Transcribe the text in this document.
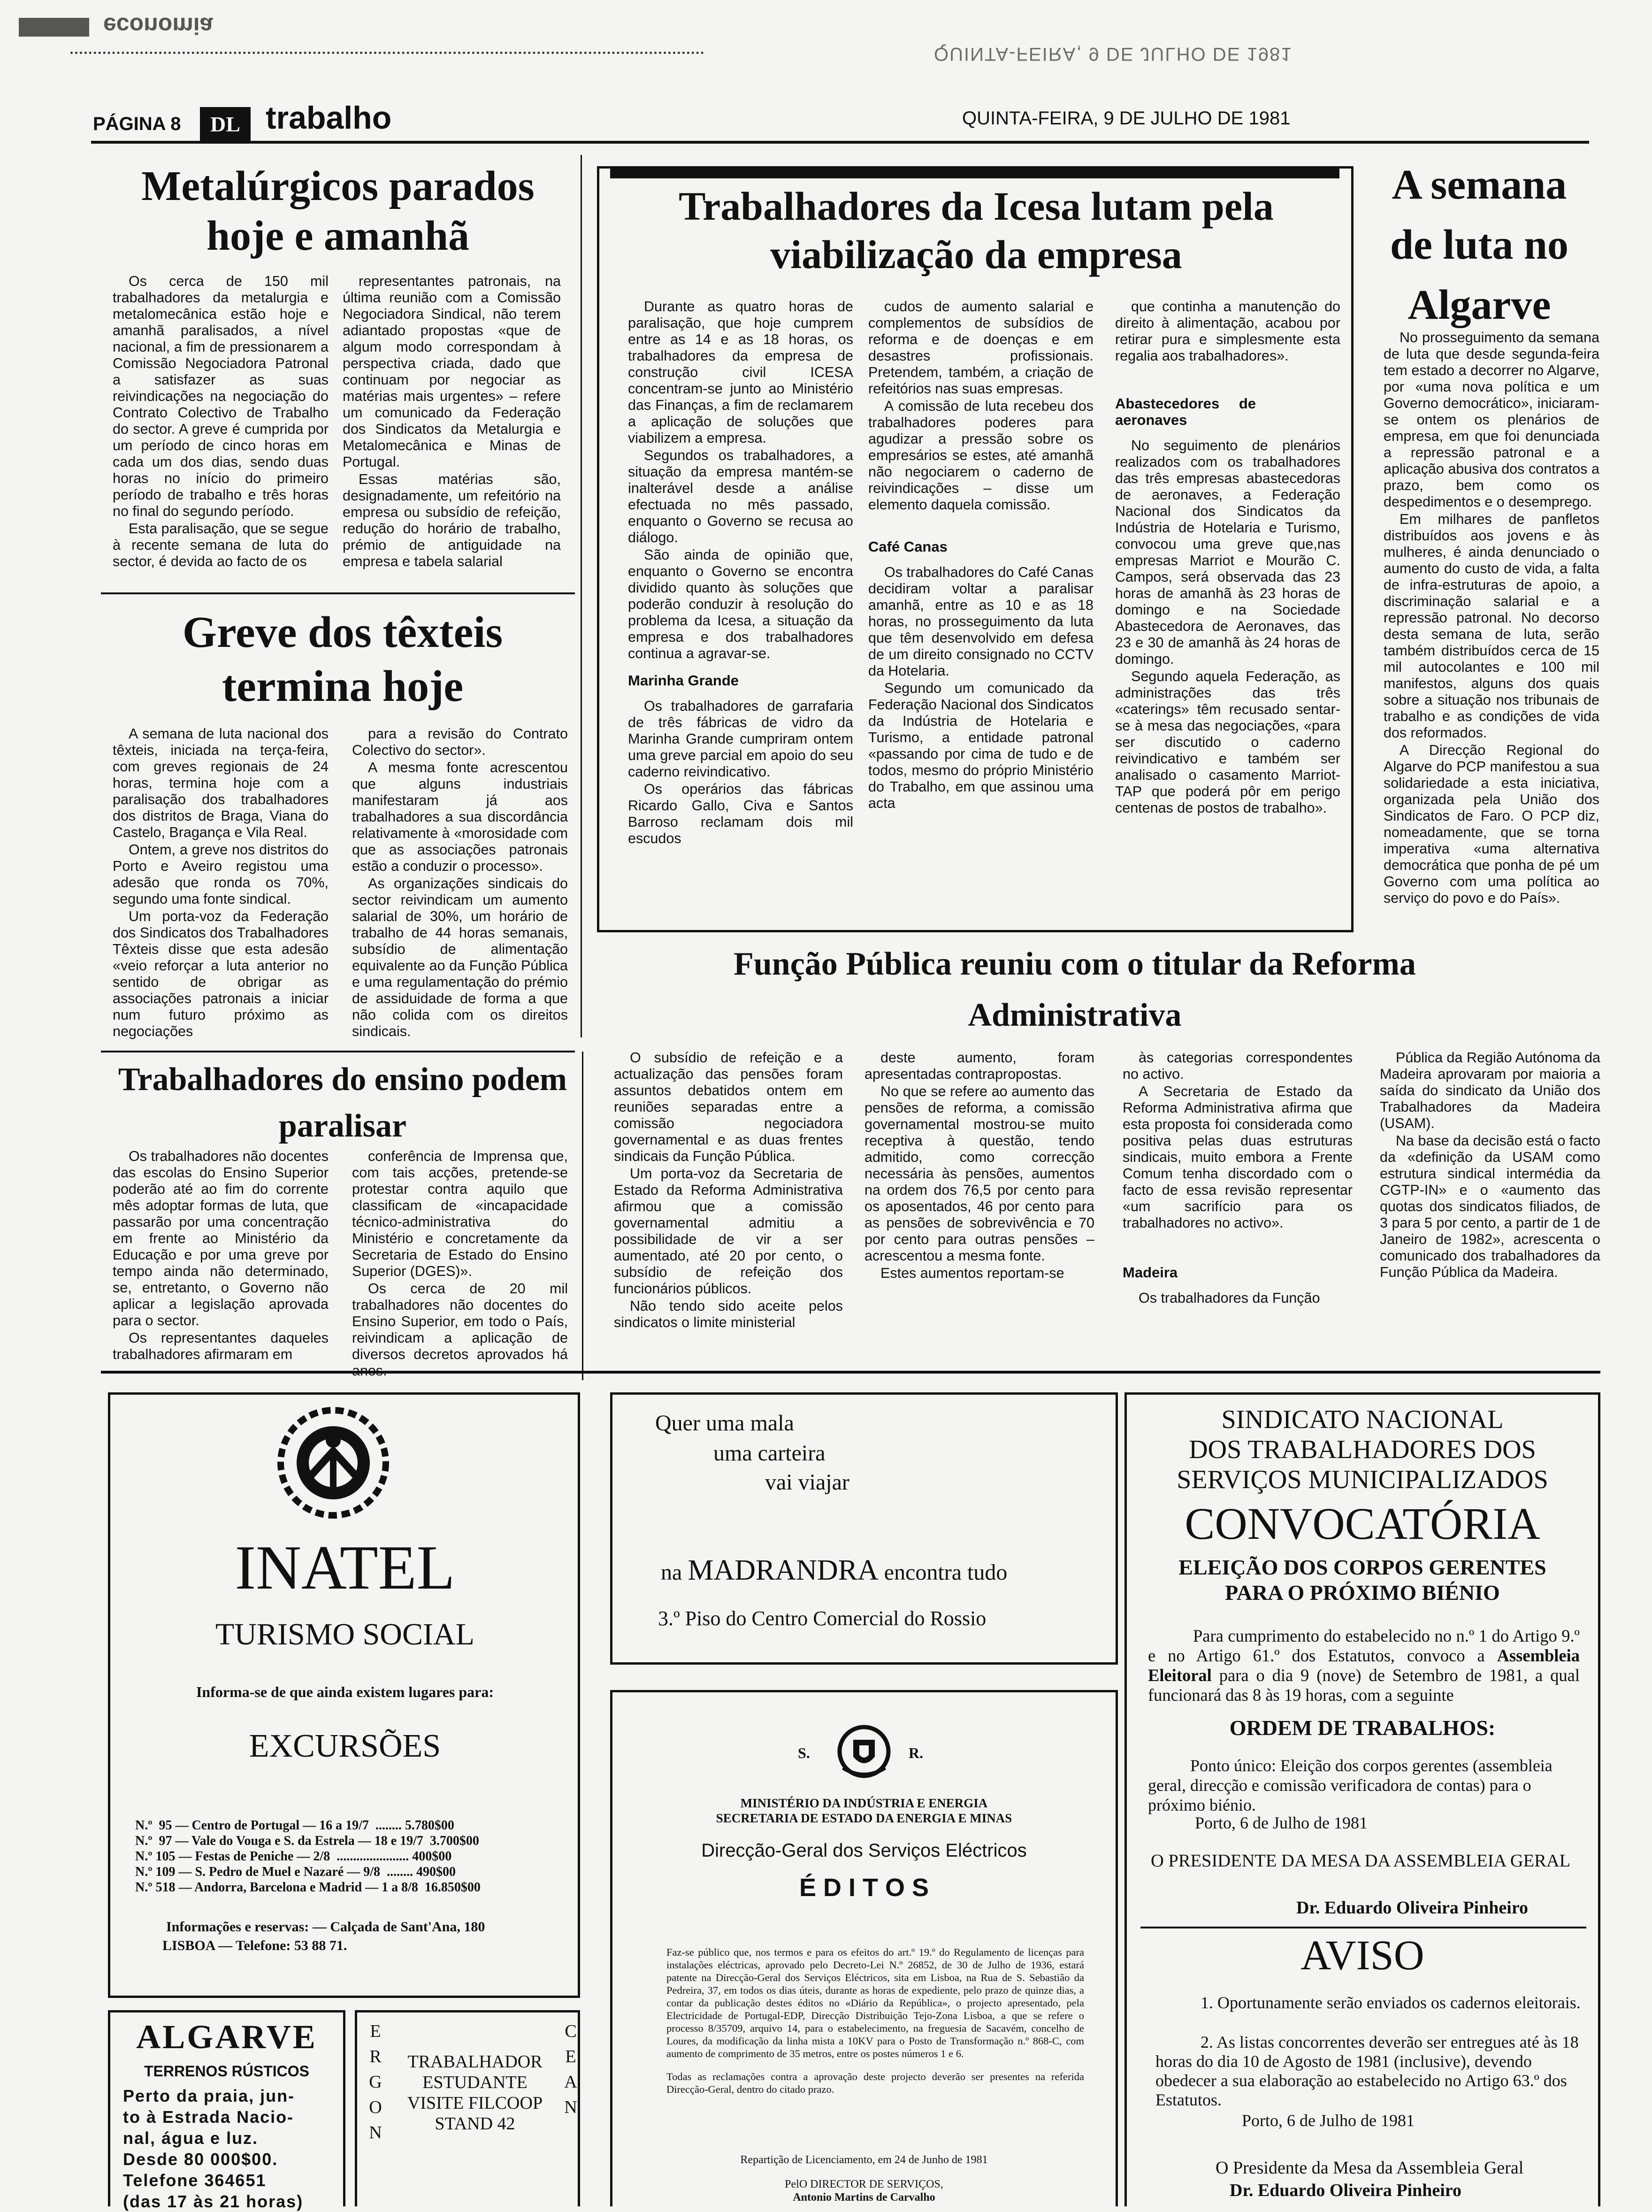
economia
QUINTA-FEIRA, 9 DE JULHO DE 1981
PÁGINA 8	DL trabalho	QUINTA-FEIRA, 9 DE JULHO DE 1981
Metalúrgicos parados hoje e amanhã

Os cerca de 150 mil trabalhadores da metalurgia e metalomecânica estão hoje e amanhã paralisados, a nível nacional, a fim de pressionarem a Comissão Negociadora Patronal a satisfazer as suas reivindicações na negociação do Contrato Colectivo de Trabalho do sector. A greve é cumprida por um período de cinco horas em cada um dos dias, sendo duas horas no início do primeiro período de trabalho e três horas no final do segundo período.

Esta paralisação, que se segue à recente semana de luta do sector, é devida ao facto de os

representantes patronais, na última reunião com a Comissão Negociadora Sindical, não terem adiantado propostas «que de algum modo correspondam à perspectiva criada, dado que continuam por negociar as matérias mais urgentes» – refere um comunicado da Federação dos Sindicatos da Metalurgia e Metalomecânica e Minas de Portugal.

Essas matérias são, designadamente, um refeitório na empresa ou subsídio de refeição, redução do horário de trabalho, prémio de antiguidade na empresa e tabela salarial

Greve dos têxteis termina hoje

A semana de luta nacional dos têxteis, iniciada na terça-feira, com greves regionais de 24 horas, termina hoje com a paralisação dos trabalhadores dos distritos de Braga, Viana do Castelo, Bragança e Vila Real.

Ontem, a greve nos distritos do Porto e Aveiro registou uma adesão que ronda os 70%, segundo uma fonte sindical.

Um porta-voz da Federação dos Sindicatos dos Trabalhadores Têxteis disse que esta adesão «veio reforçar a luta anterior no sentido de obrigar as associações patronais a iniciar num futuro próximo as negociações

para a revisão do Contrato Colectivo do sector».

A mesma fonte acrescentou que alguns industriais manifestaram já aos trabalhadores a sua discordância relativamente à «morosidade com que as associações patronais estão a conduzir o processo».

As organizações sindicais do sector reivindicam um aumento salarial de 30%, um horário de trabalho de 44 horas semanais, subsídio de alimentação equivalente ao da Função Pública e uma regulamentação do prémio de assiduidade de forma a que não colida com os direitos sindicais.

Trabalhadores do ensino podem paralisar

Os trabalhadores não docentes das escolas do Ensino Superior poderão até ao fim do corrente mês adoptar formas de luta, que passarão por uma concentração em frente ao Ministério da Educação e por uma greve por tempo ainda não determinado, se, entretanto, o Governo não aplicar a legislação aprovada para o sector.

Os representantes daqueles trabalhadores afirmaram em

conferência de Imprensa que, com tais acções, pretende-se protestar contra aquilo que classificam de «incapacidade técnico-administrativa do Ministério e concretamente da Secretaria de Estado do Ensino Superior (DGES)».

Os cerca de 20 mil trabalhadores não docentes do Ensino Superior, em todo o País, reivindicam a aplicação de diversos decretos aprovados há

Trabalhadores da Icesa lutam pela viabilização da empresa

Durante as quatro horas de paralisação, que hoje cumprem entre as 14 e as 18 horas, os trabalhadores da empresa de construção civil ICESA concentram-se junto ao Ministério das Finanças, a fim de reclamarem a aplicação de soluções que viabilizem a empresa.

Segundos os trabalhadores, a situação da empresa mantém-se inalterável desde a análise efectuada no mês passado, enquanto o Governo se recusa ao diálogo.

São ainda de opinião que, enquanto o Governo se encontra dividido quanto às soluções que poderão conduzir à resolução do problema da Icesa, a situação da empresa e dos trabalhadores continua a agravar-se.

Marinha Grande

Os trabalhadores de garrafaria de três fábricas de vidro da Marinha Grande cumpriram ontem uma greve parcial em apoio do seu caderno reivindicativo.

Os operários das fábricas Ricardo Gallo, Civa e Santos Barroso reclamam dois mil escudos

cudos de aumento salarial e complementos de subsídios de reforma e de doenças e em desastres profissionais. Pretendem, também, a criação de refeitórios nas suas empresas.

A comissão de luta recebeu dos trabalhadores poderes para agudizar a pressão sobre os empresários se estes, até amanhã não negociarem o caderno de reivindicações – disse um elemento daquela comissão.

Café Canas

Os trabalhadores do Café Canas decidiram voltar a paralisar amanhã, entre as 10 e as 18 horas, no prosseguimento da luta que têm desenvolvido em defesa de um direito consignado no CCTV da Hotelaria.

Segundo um comunicado da Federação Nacional dos Sindicatos da Indústria de Hotelaria e Turismo, a entidade patronal «passando por cima de tudo e de todos, mesmo do próprio Ministério do Trabalho, em que assinou uma acta

que continha a manutenção do direito à alimentação, acabou por retirar pura e simplesmente esta regalia aos trabalhadores».

Abastecedores de aeronaves

No seguimento de plenários realizados com os trabalhadores das três empresas abastecedoras de aeronaves, a Federação Nacional dos Sindicatos da Indústria de Hotelaria e Turismo, convocou uma greve que,nas empresas Marriot e Mourão C. Campos, será observada das 23 horas de amanhã às 23 horas de domingo e na Sociedade Abastecedora de Aeronaves, das 23 e 30 de amanhã às 24 horas de domingo.

Segundo aquela Federação, as administrações das três «caterings» têm recusado sentar-se à mesa das negociações, «para ser discutido o caderno reivindicativo e também ser analisado o casamento Marriot-TAP que poderá pôr em perigo centenas de postos de trabalho».

A semana de luta no Algarve

No prosseguimento da semana de luta que desde segunda-feira tem estado a decorrer no Algarve, por «uma nova política e um Governo democrático», iniciaram-se ontem os plenários de empresa, em que foi denunciada a repressão patronal e a aplicação abusiva dos contratos a prazo, bem como os despedimentos e o desemprego.

Em milhares de panfletos distribuídos aos jovens e às mulheres, é ainda denunciado o aumento do custo de vida, a falta de infra-estruturas de apoio, a discriminação salarial e a repressão patronal. No decorso desta semana de luta, serão também distribuídos cerca de 15 mil autocolantes e 100 mil manifestos, alguns dos quais sobre a situação nos tribunais de trabalho e as condições de vida dos reformados.

A Direcção Regional do Algarve do PCP manifestou a sua solidariedade a esta iniciativa, organizada pela União dos Sindicatos de Faro. O PCP diz, nomeadamente, que se torna imperativa «uma alternativa democrática que ponha de pé um Governo com uma política ao serviço do povo e do País».

Função Pública reuniu com o titular da Reforma Administrativa

O subsídio de refeição e a actualização das pensões foram assuntos debatidos ontem em reuniões separadas entre a comissão negociadora governamental e as duas frentes sindicais da Função Pública.

Um porta-voz da Secretaria de Estado da Reforma Administrativa afirmou que a comissão governamental admitiu a possibilidade de vir a ser aumentado, até 20 por cento, o subsídio de refeição dos funcionários públicos.

Não tendo sido aceite pelos sindicatos o limite ministerial

deste aumento, foram apresentadas contrapropostas.

No que se refere ao aumento das pensões de reforma, a comissão governamental mostrou-se muito receptiva à questão, tendo admitido, como correcção necessária às pensões, aumentos na ordem dos 76,5 por cento para os aposentados, 46 por cento para as pensões de sobrevivência e 70 por cento para outras pensões – acrescentou a mesma fonte.

Estes aumentos reportam-se

às categorias correspondentes no activo.

A Secretaria de Estado da Reforma Administrativa afirma que esta proposta foi considerada como positiva pelas duas estruturas sindicais, muito embora a Frente Comum tenha discordado com o facto de essa revisão representar «um sacrifício para os trabalhadores no activo».

Madeira

Os trabalhadores da Função

Pública da Região Autónoma da Madeira aprovaram por maioria a saída do sindicato da União dos Trabalhadores da Madeira (USAM).

Na base da decisão está o facto da «definição da USAM como estrutura sindical intermédia da CGTP-IN» e o «aumento das quotas dos sindicatos filiados, de 3 para 5 por cento, a partir de 1 de Janeiro de 1982», acrescenta o comunicado dos trabalhadores da Função Pública da Madeira.

INATEL
TURISMO SOCIAL
Informa-se de que ainda existem lugares para:
EXCURSÕES
N.º  95 — Centro de Portugal — 16 a 19/7  ........ 5.780$00
N.º  97 — Vale do Vouga e S. da Estrela — 18 e 19/7  3.700$00
N.º 105 — Festas de Peniche — 2/8  ...................... 400$00
N.º 109 — S. Pedro de Muel e Nazaré — 9/8  ........ 490$00
N.º 518 — Andorra, Barcelona e Madrid — 1 a 8/8  16.850$00
Informações e reservas: — Calçada de Sant'Ana, 180
LISBOA — Telefone: 53 88 71.
ALGARVE
TERRENOS RÚSTICOS
Perto da praia, jun-
to à Estrada Nacio-
nal, água e luz.
Desde 80 000$00.
Telefone 364651
(das 17 às 21 horas)
E R G O N
C E A N
TRABALHADOR
ESTUDANTE
VISITE FILCOOP
STAND 42
Quer uma mala
uma carteira
vai viajar
na MADRANDRA encontra tudo
3.º Piso do Centro Comercial do Rossio
S.	R.
MINISTÉRIO DA INDÚSTRIA E ENERGIA
SECRETARIA DE ESTADO DA ENERGIA E MINAS
Direcção-Geral dos Serviços Eléctricos
É D I T O S

Faz-se público que, nos termos e para os efeitos do art.º 19.º do Regulamento de licenças para instalações eléctricas, aprovado pelo Decreto-Lei N.º 26852, de 30 de Julho de 1936, estará patente na Direcção-Geral dos Serviços Eléctricos, sita em Lisboa, na Rua de S. Sebastião da Pedreira, 37, em todos os dias úteis, durante as horas de expediente, pelo prazo de quinze dias, a contar da publicação destes éditos no «Diário da República», o projecto apresentado, pela Electricidade de Portugal-EDP, Direcção Distribuição Tejo-Zona Lisboa, a que se refere o processo 8/35709, arquivo 14, para o estabelecimento, na freguesia de Sacavém, concelho de Loures, da modificação da linha mista a 10KV para o Posto de Transformação n.º 868-C, com aumento de comprimento de 35 metros, entre os postes números 1 e 6.

Todas as reclamações contra a aprovação deste projecto deverão ser presentes na referida Direcção-Geral, dentro do citado prazo.

Repartição de Licenciamento, em 24 de Junho de 1981
PelO DIRECTOR DE SERVIÇOS,
Antonio Martins de Carvalho
SINDICATO NACIONAL
DOS TRABALHADORES DOS
SERVIÇOS MUNICIPALIZADOS
CONVOCATÓRIA
ELEIÇÃO DOS CORPOS GERENTES
PARA O PRÓXIMO BIÉNIO
Para cumprimento do estabelecido no n.º 1 do Artigo 9.º e no Artigo 61.º dos Estatutos, convoco a Assembleia Eleitoral para o dia 9 (nove) de Setembro de 1981, a qual funcionará das 8 às 19 horas, com a seguinte
ORDEM DE TRABALHOS:
Ponto único: Eleição dos corpos gerentes (assembleia geral, direcção e comissão verificadora de contas) para o próximo biénio.
Porto, 6 de Julho de 1981
O PRESIDENTE DA MESA DA ASSEMBLEIA GERAL
Dr. Eduardo Oliveira Pinheiro
AVISO
1. Oportunamente serão enviados os cadernos eleitorais.
2. As listas concorrentes deverão ser entregues até às 18 horas do dia 10 de Agosto de 1981 (inclusive), devendo obedecer a sua elaboração ao estabelecido no Artigo 63.º dos Estatutos.
Porto, 6 de Julho de 1981
O Presidente da Mesa da Assembleia Geral
Dr. Eduardo Oliveira Pinheiro
